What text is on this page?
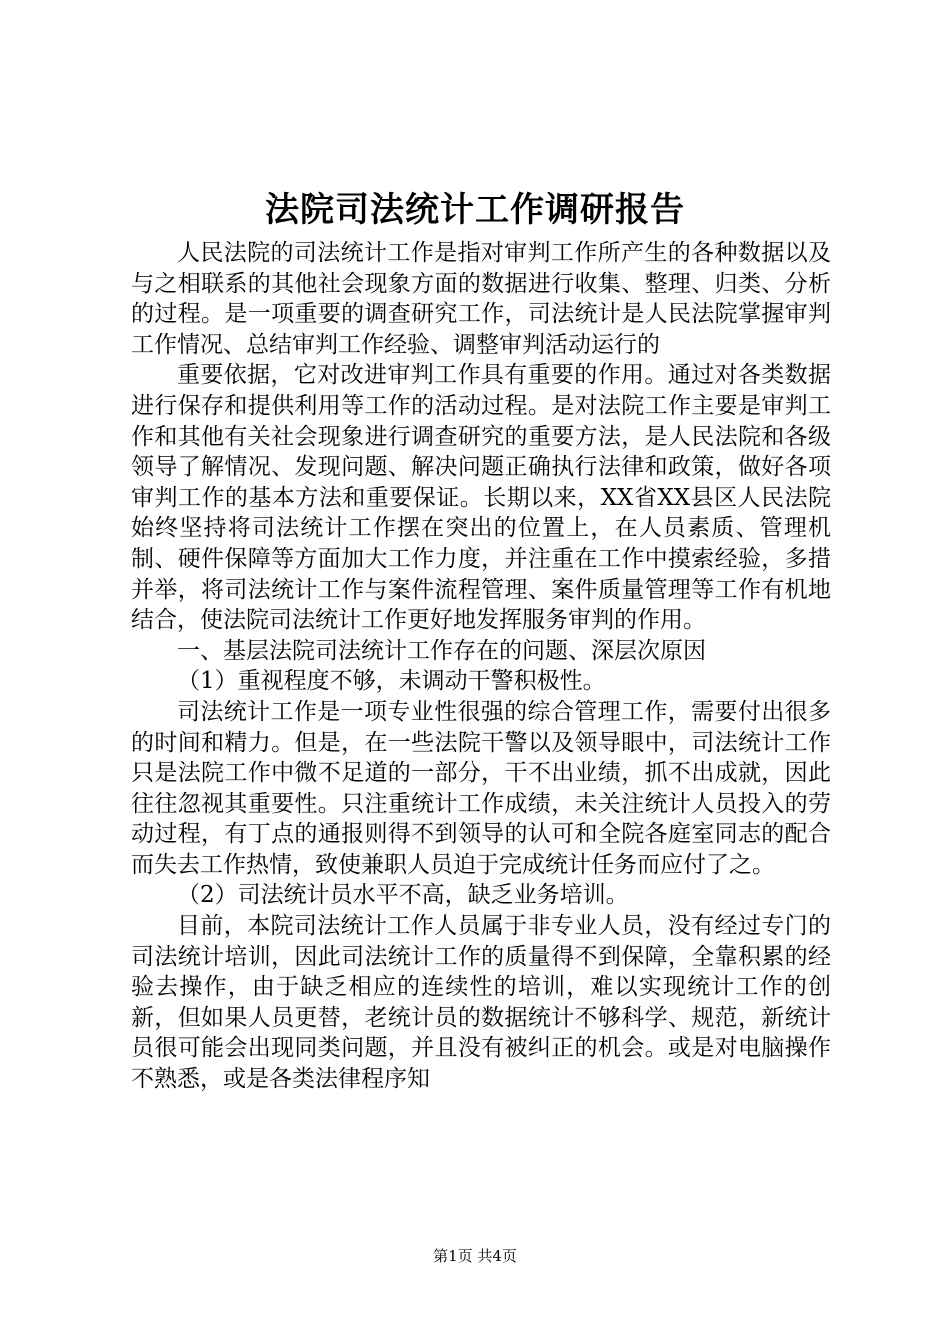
法院司法统计工作调研报告

人民法院的司法统计工作是指对审判工作所产生的各种数据以及与之相联系的其他社会现象方面的数据进行收集、整理、归类、分析的过程。是一项重要的调查研究工作，司法统计是人民法院掌握审判工作情况、总结审判工作经验、调整审判活动运行的

重要依据，它对改进审判工作具有重要的作用。通过对各类数据进行保存和提供利用等工作的活动过程。是对法院工作主要是审判工作和其他有关社会现象进行调查研究的重要方法，是人民法院和各级领导了解情况、发现问题、解决问题正确执行法律和政策，做好各项审判工作的基本方法和重要保证。长期以来，XX省XX县区人民法院始终坚持将司法统计工作摆在突出的位置上，在人员素质、管理机制、硬件保障等方面加大工作力度，并注重在工作中摸索经验，多措并举，将司法统计工作与案件流程管理、案件质量管理等工作有机地结合，使法院司法统计工作更好地发挥服务审判的作用。

一、基层法院司法统计工作存在的问题、深层次原因

（1）重视程度不够，未调动干警积极性。

司法统计工作是一项专业性很强的综合管理工作，需要付出很多的时间和精力。但是，在一些法院干警以及领导眼中，司法统计工作只是法院工作中微不足道的一部分，干不出业绩，抓不出成就，因此往往忽视其重要性。只注重统计工作成绩，未关注统计人员投入的劳动过程，有丁点的通报则得不到领导的认可和全院各庭室同志的配合而失去工作热情，致使兼职人员迫于完成统计任务而应付了之。

（2）司法统计员水平不高，缺乏业务培训。

目前，本院司法统计工作人员属于非专业人员，没有经过专门的司法统计培训，因此司法统计工作的质量得不到保障，全靠积累的经验去操作，由于缺乏相应的连续性的培训，难以实现统计工作的创新，但如果人员更替，老统计员的数据统计不够科学、规范，新统计员很可能会出现同类问题，并且没有被纠正的机会。或是对电脑操作不熟悉，或是各类法律程序知

第1页 共4页
